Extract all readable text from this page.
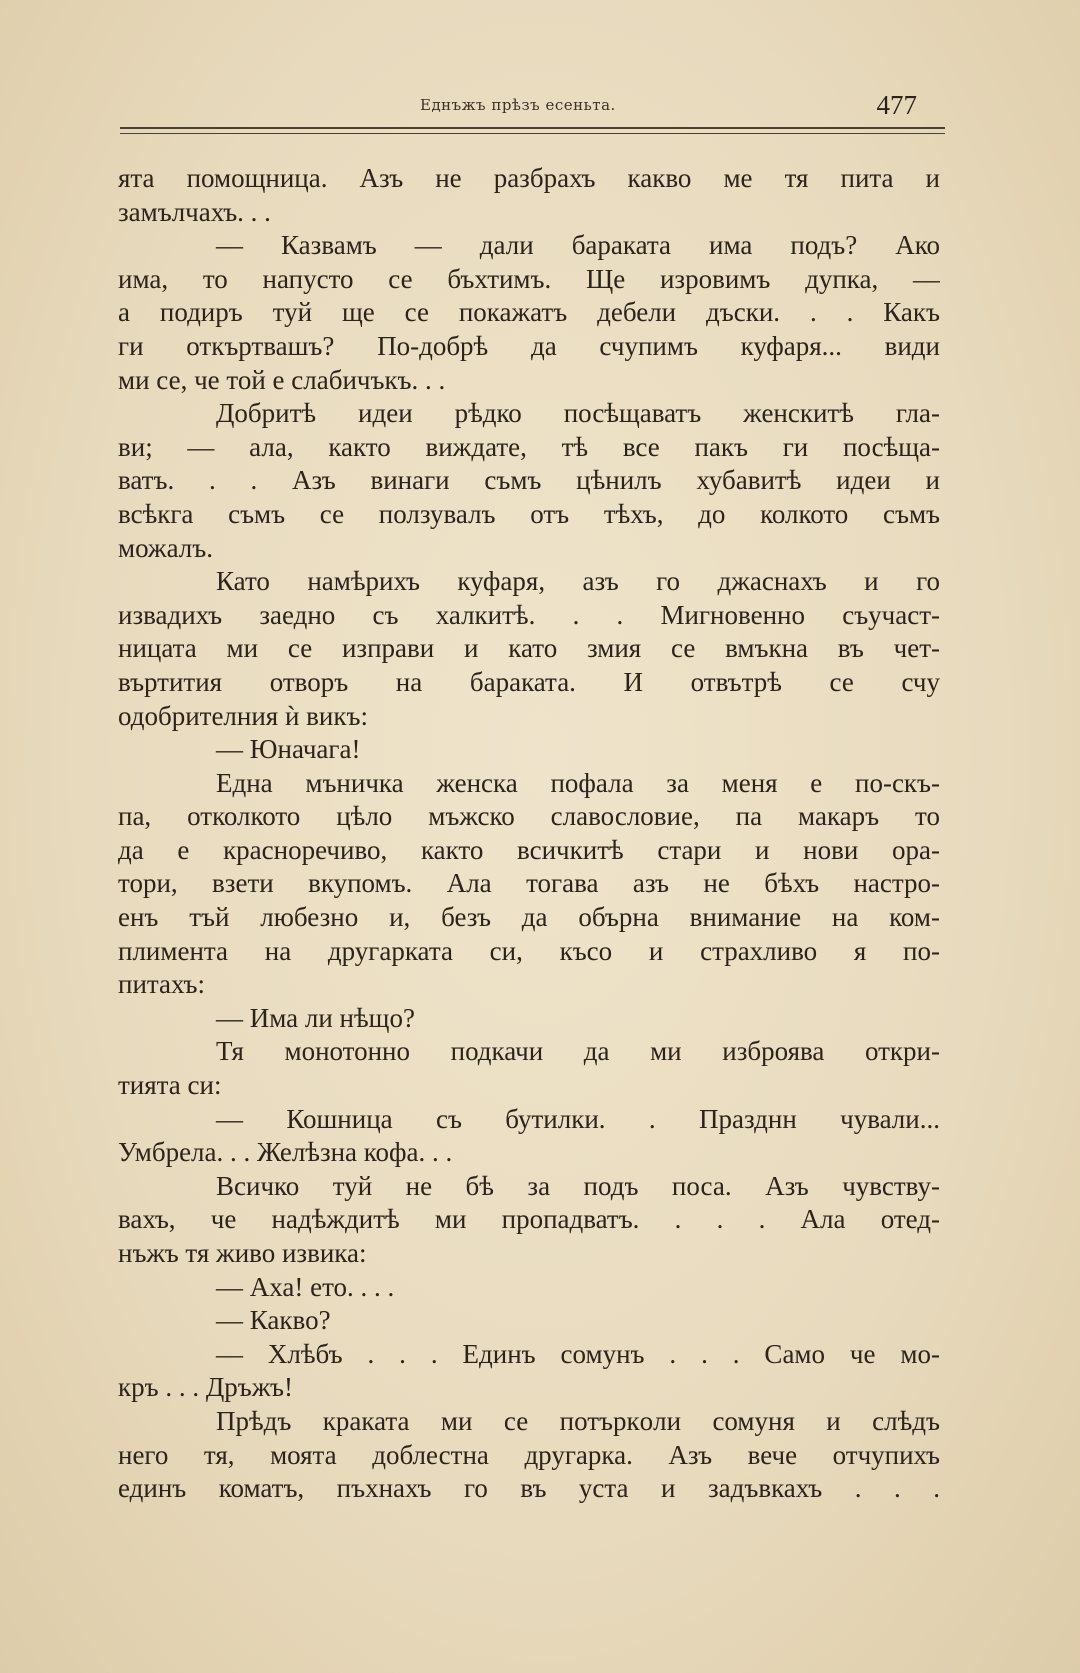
Еднъжъ прѣзъ есеньта.	477
ята помощница. Азъ не разбрахъ какво ме тя пита и
замълчахъ. . .
— Казвамъ — дали бараката има подъ? Ако
има, то напусто се бъхтимъ. Ще изровимъ дупка, —
а подиръ туй ще се покажатъ дебели дъски. . . Какъ
ги откъртвашъ? По-добрѣ да счупимъ куфаря... види
ми се, че той е слабичъкъ. . .
Добритѣ идеи рѣдко посѣщаватъ женскитѣ гла-
ви; — ала, както виждате, тѣ все пакъ ги посѣща-
ватъ. . . Азъ винаги съмъ цѣнилъ хубавитѣ идеи и
всѣкга съмъ се ползувалъ отъ тѣхъ, до колкото съмъ
можалъ.
Като намѣрихъ куфаря, азъ го джаснахъ и го
извадихъ заедно съ халкитѣ. . . Мигновенно съучаст-
ницата ми се изправи и като змия се вмъкна въ чет-
въртития отворъ на бараката. И отвътрѣ се счу
одобрителния ѝ викъ:
— Юначага!
Една мъничка женска пофала за меня е по-скъ-
па, отколкото цѣло мъжско славословие, па макаръ то
да е красноречиво, както всичкитѣ стари и нови ора-
тори, взети вкупомъ. Ала тогава азъ не бѣхъ настро-
енъ тъй любезно и, безъ да обърна внимание на ком-
плимента на другарката си, късо и страхливо я по-
питахъ:
— Има ли нѣщо?
Тя монотонно подкачи да ми изброява откри-
тията си:
— Кошница съ бутилки. . Празднн чували...
Умбрела. . . Желѣзна кофа. . .
Всичко туй не бѣ за подъ поса. Азъ чувству-
вахъ, че надѣждитѣ ми пропадватъ. . . . Ала отед-
нъжъ тя живо извика:
— Аха! ето. . . .
— Какво?
— Хлѣбъ . . . Единъ сомунъ . . . Само че мо-
кръ . . . Дръжъ!
Прѣдъ краката ми се потъркoли сомуня и слѣдъ
него тя, моята доблестна другарка. Азъ вече отчупихъ
единъ коматъ, пъхнахъ го въ уста и задъвкахъ . . .
